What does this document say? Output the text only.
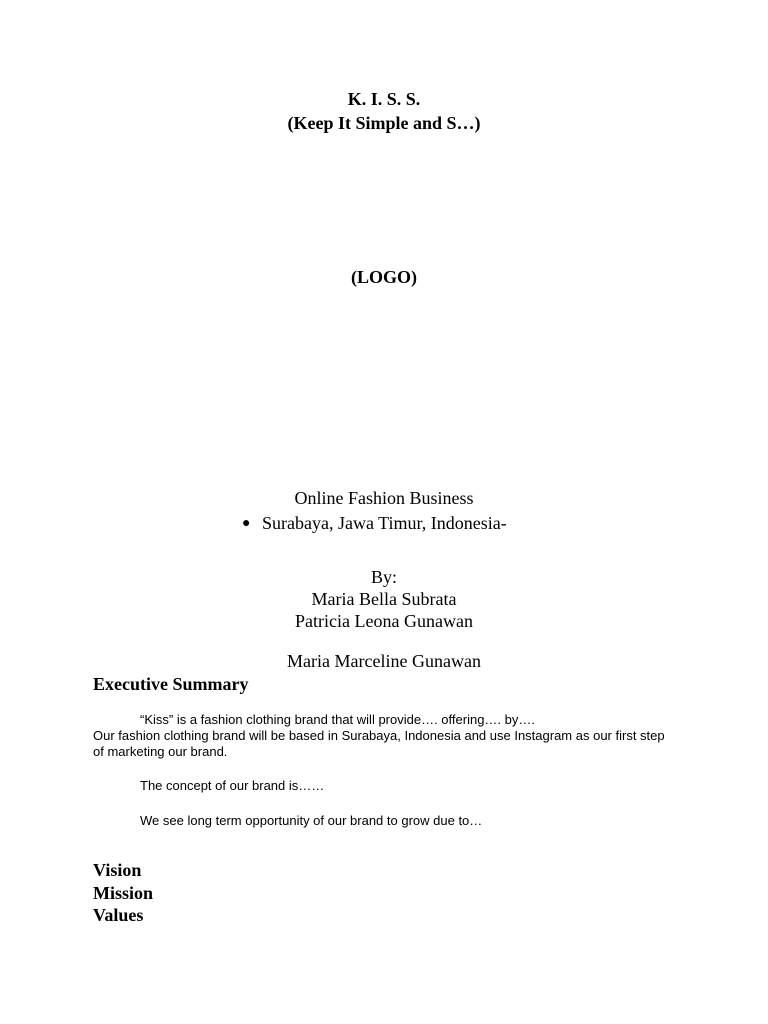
K. I. S. S.
(Keep It Simple and S…)
(LOGO)
Online Fashion Business
● Surabaya, Jawa Timur, Indonesia-
By:
Maria Bella Subrata
Patricia Leona Gunawan
Maria Marceline Gunawan
Executive Summary
“Kiss” is a fashion clothing brand that will provide…. offering…. by….
Our fashion clothing brand will be based in Surabaya, Indonesia and use Instagram as our first step of marketing our brand.
The concept of our brand is……
We see long term opportunity of our brand to grow due to…
Vision
Mission
Values
